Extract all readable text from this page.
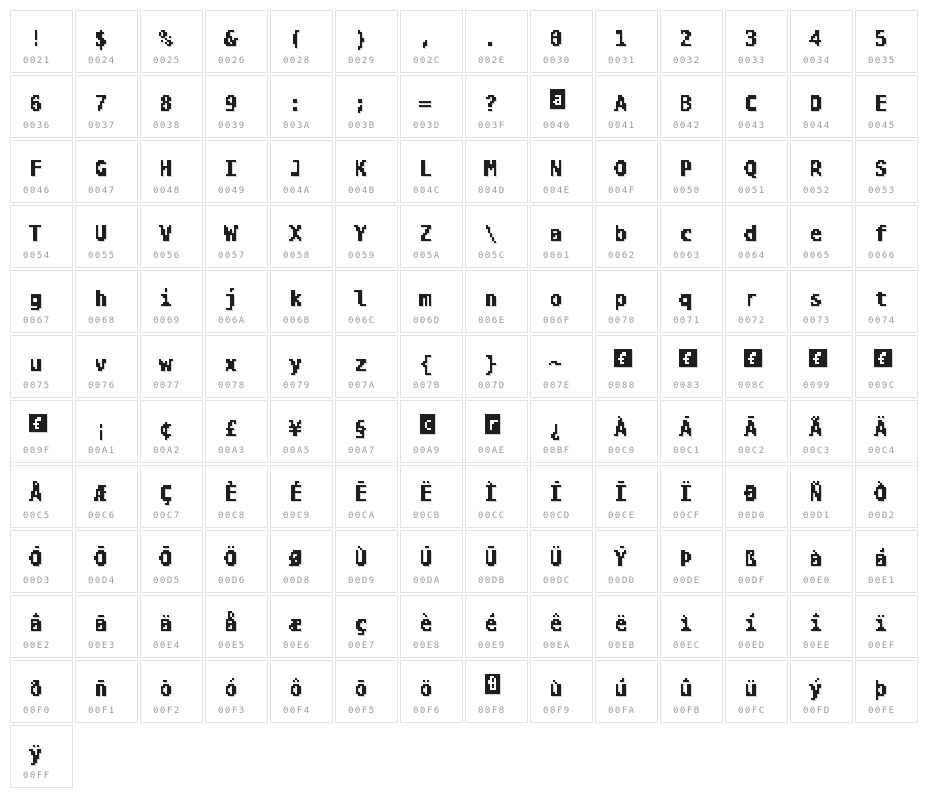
0021	0024	0025	0026	0028	0029	002C	002E	0030	0031	0032	0033	0034	0035
0036	0037	0038	0039	003A	003B	003D	003F	0040	0041	0042	0043	0044	0045
0046	0047	0048	0049	004A	004B	004C	004D	004E	004F	0050	0051	0052	0053
0054	0055	0056	0057	0058	0059	005A	005C	0061	0062	0063	0064	0065	0066
0067	0068	0069	006A	006B	006C	006D	006E	006F	0070	0071	0072	0073	0074
0075	0076	0077	0078	0079	007A	007B	007D	007E	0080	0083	008C	0099	009C
009F	00A1	00A2	00A3	00A5	00A7	00A9	00AE	00BF	00C0	00C1	00C2	00C3	00C4
00C5	00C6	00C7	00C8	00C9	00CA	00CB	00CC	00CD	00CE	00CF	00D0	00D1	00D2
00D3	00D4	00D5	00D6	00D8	00D9	00DA	00DB	00DC	00DD	00DE	00DF	00E0	00E1
00E2	00E3	00E4	00E5	00E6	00E7	00E8	00E9	00EA	00EB	00EC	00ED	00EE	00EF
00F0	00F1	00F2	00F3	00F4	00F5	00F6	00F8	00F9	00FA	00FB	00FC	00FD	00FE
00FF
